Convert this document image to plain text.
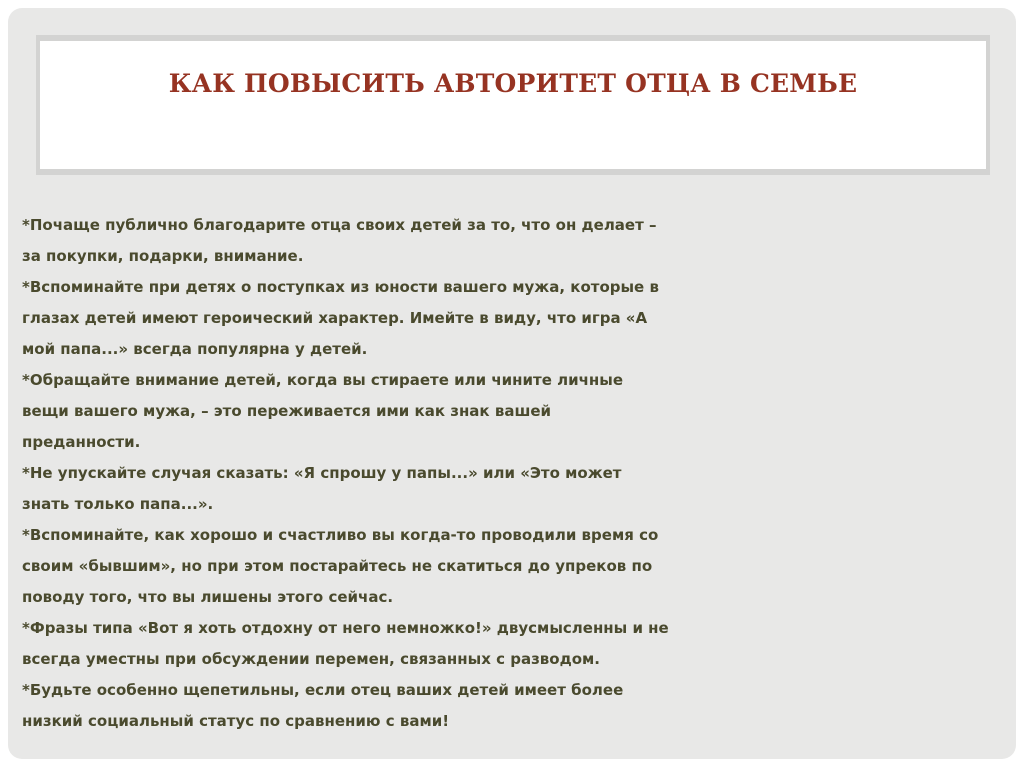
КАК ПОВЫСИТЬ АВТОРИТЕТ ОТЦА В СЕМЬЕ
*Почаще публично благодарите отца своих детей за то, что он делает –
за покупки, подарки, внимание.
*Вспоминайте при детях о поступках из юности вашего мужа, которые в
глазах детей имеют героический характер. Имейте в виду, что игра «А
мой папа...» всегда популярна у детей.
*Обращайте внимание детей, когда вы стираете или чините личные
вещи вашего мужа, – это переживается ими как знак вашей
преданности.
*Не упускайте случая сказать: «Я спрошу у папы...» или «Это может
знать только папа...».
*Вспоминайте, как хорошо и счастливо вы когда-то проводили время со
своим «бывшим», но при этом постарайтесь не скатиться до упреков по
поводу того, что вы лишены этого сейчас.
*Фразы типа «Вот я хоть отдохну от него немножко!» двусмысленны и не
всегда уместны при обсуждении перемен, связанных с разводом.
*Будьте особенно щепетильны, если отец ваших детей имеет более
низкий социальный статус по сравнению с вами!
